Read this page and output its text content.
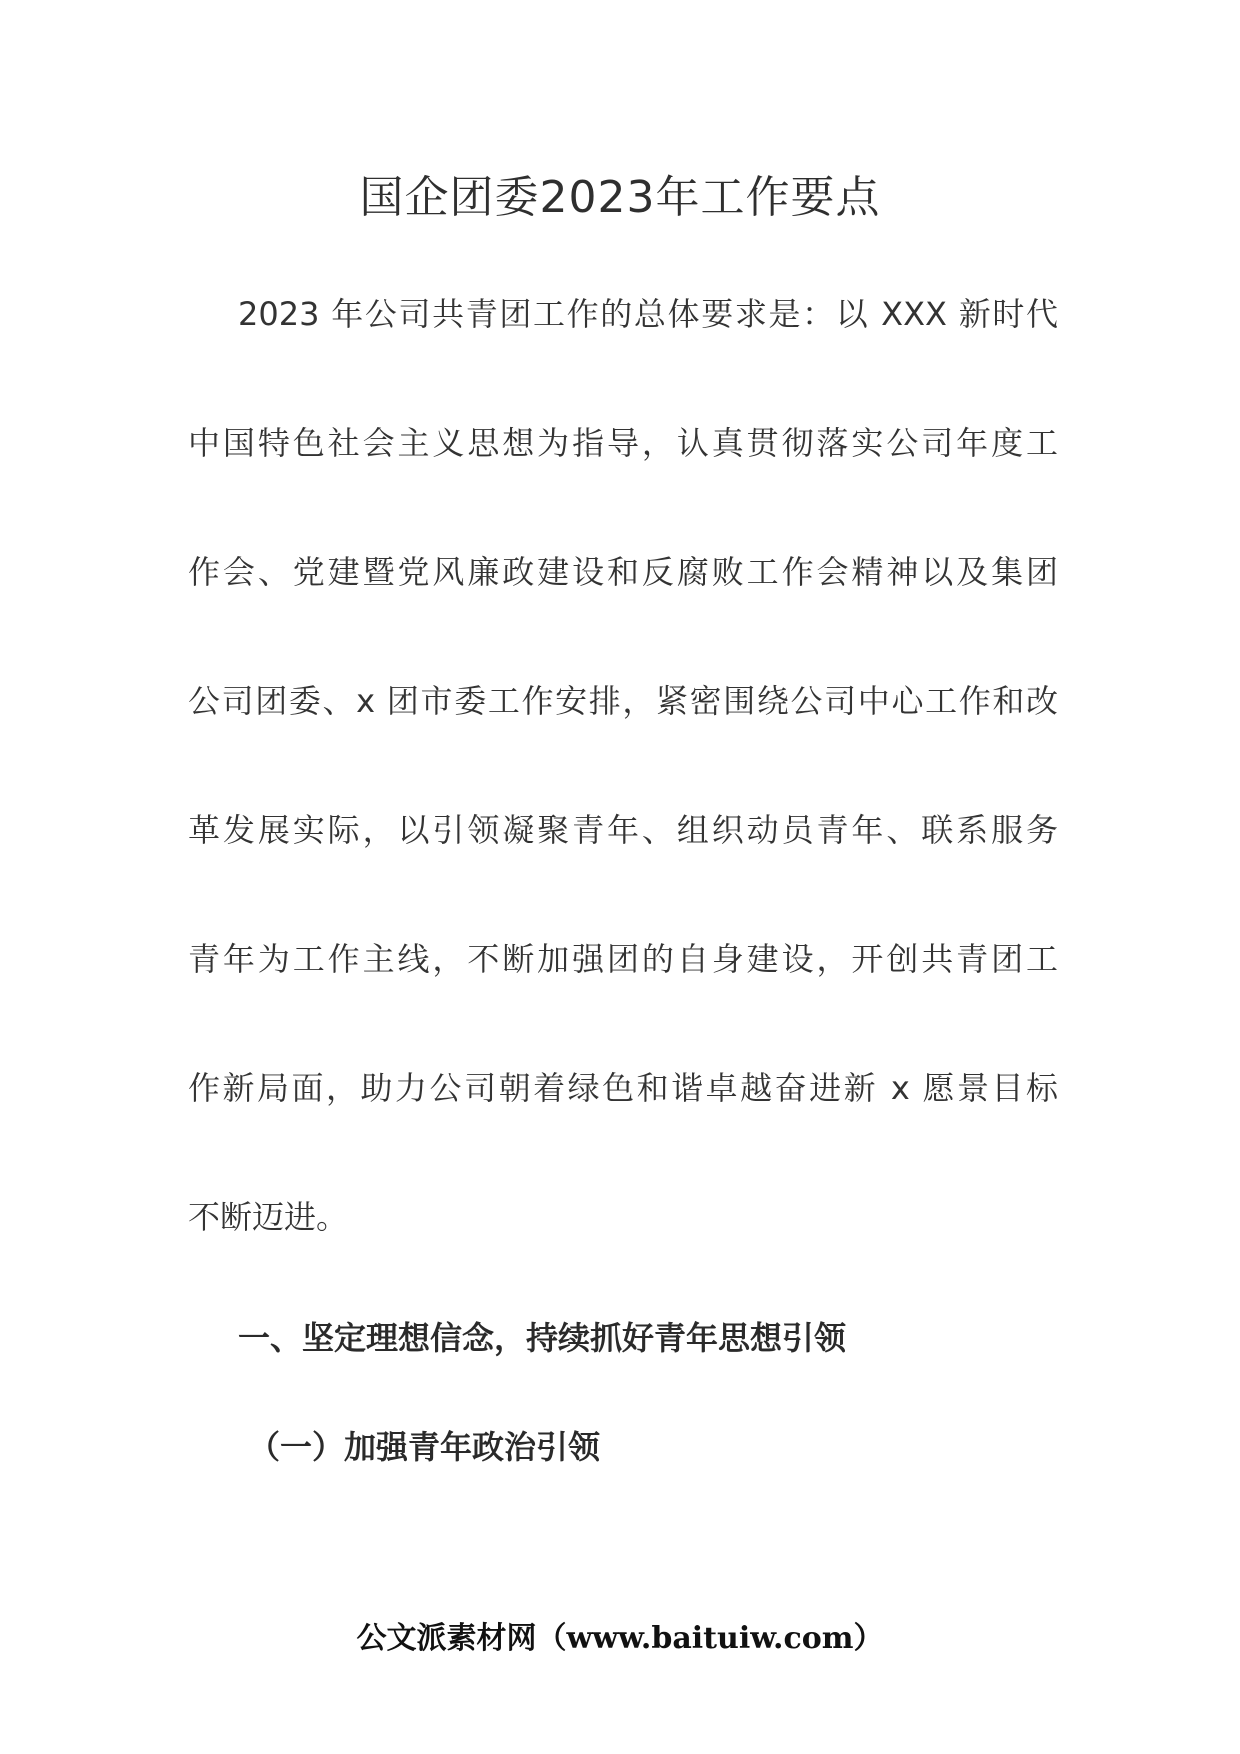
国企团委2023年工作要点
2023 年公司共青团工作的总体要求是：以 XXX 新时代
中国特色社会主义思想为指导，认真贯彻落实公司年度工
作会、党建暨党风廉政建设和反腐败工作会精神以及集团
公司团委、x 团市委工作安排，紧密围绕公司中心工作和改
革发展实际，以引领凝聚青年、组织动员青年、联系服务
青年为工作主线，不断加强团的自身建设，开创共青团工
作新局面，助力公司朝着绿色和谐卓越奋进新 x 愿景目标
不断迈进。
一、坚定理想信念，持续抓好青年思想引领
（一）加强青年政治引领
公文派素材网（www.baituiw.com）
